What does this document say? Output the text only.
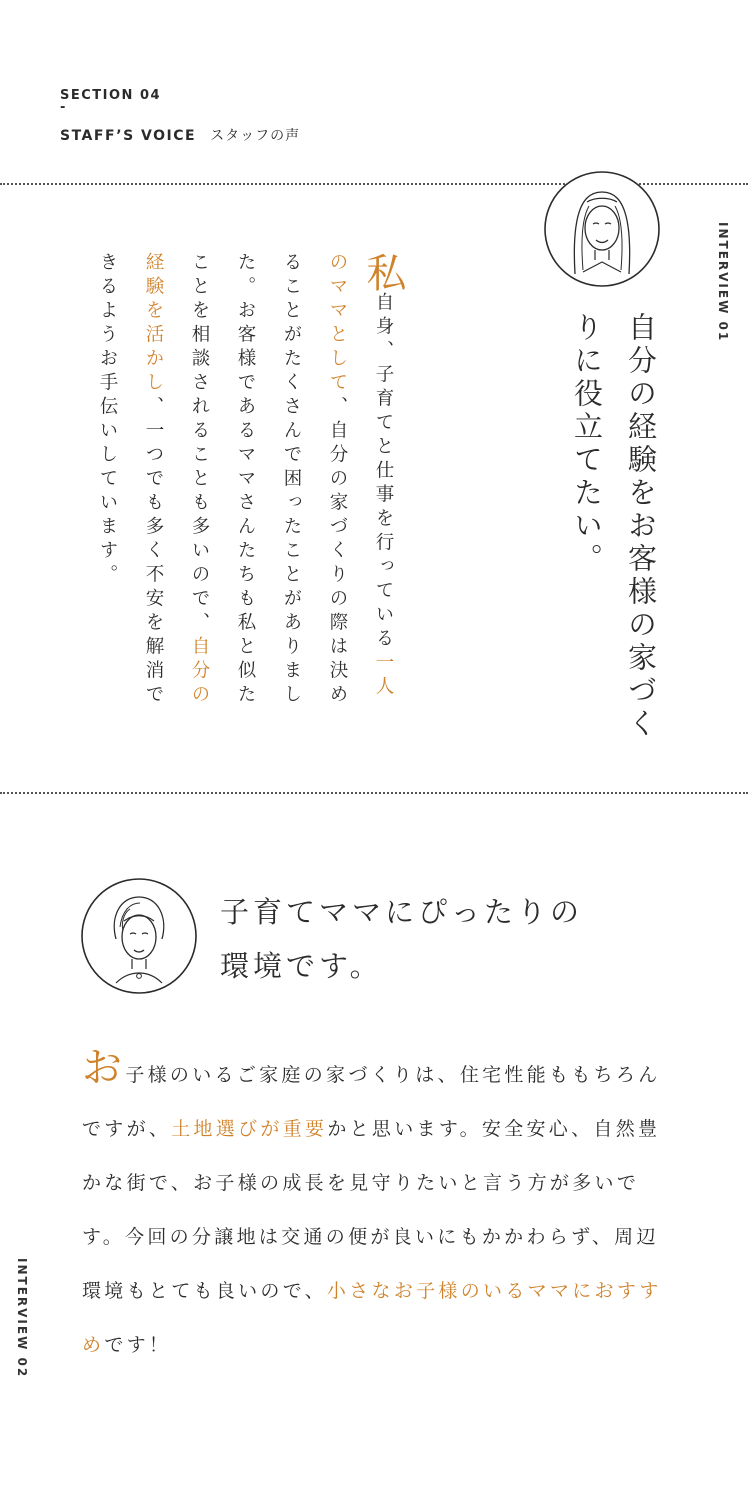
SECTION 04
-
STAFF’S VOICE スタッフの声
INTERVIEW 01
自分の経験をお客様の家づくりに役立てたい。
私自身、子育てと仕事を行っている一人のママとして、自分の家づくりの際は決めることがたくさんで困ったことがありました。お客様であるママさんたちも私と似たことを相談されることも多いので、自分の経験を活かし、一つでも多く不安を解消できるようお手伝いしています。
子育てママにぴったりの
環境です。
お子様のいるご家庭の家づくりは、住宅性能ももちろんですが、土地選びが重要かと思います。安全安心、自然豊かな街で、お子様の成長を見守りたいと言う方が多いです。今回の分譲地は交通の便が良いにもかかわらず、周辺環境もとても良いので、小さなお子様のいるママにおすすめです！
INTERVIEW 02
